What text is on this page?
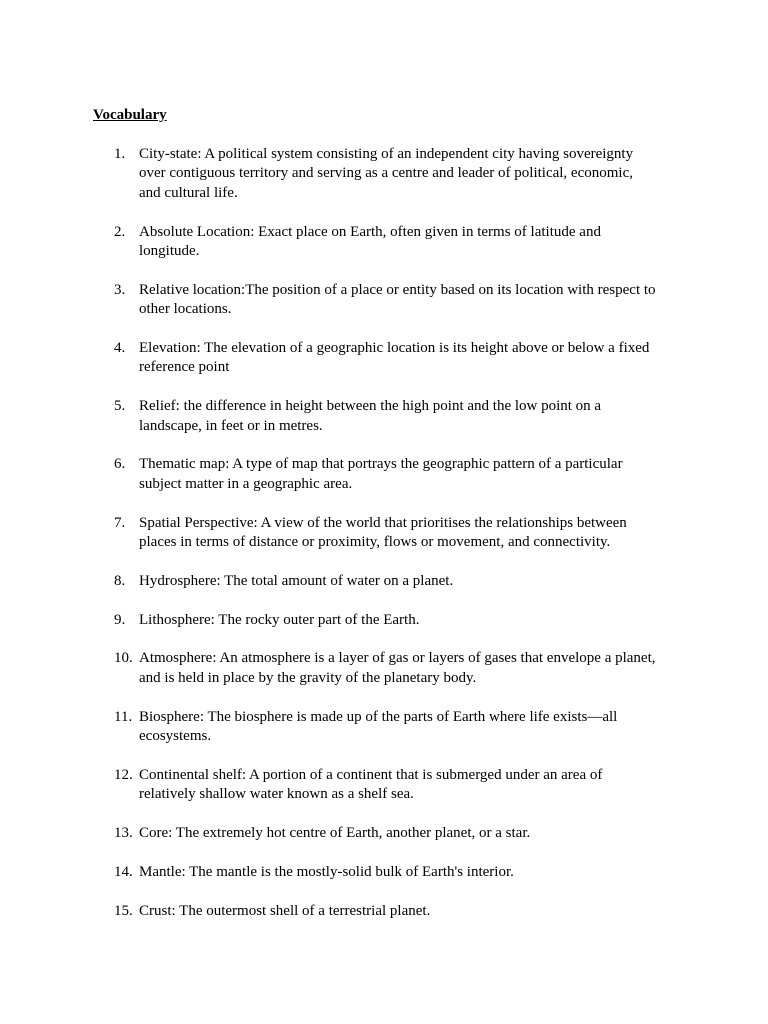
Vocabulary
1. City-state: A political system consisting of an independent city having sovereignty
over contiguous territory and serving as a centre and leader of political, economic,
and cultural life.
2. Absolute Location: Exact place on Earth, often given in terms of latitude and
longitude.
3. Relative location:The position of a place or entity based on its location with respect to
other locations.
4. Elevation: The elevation of a geographic location is its height above or below a fixed
reference point
5. Relief: the difference in height between the high point and the low point on a
landscape, in feet or in metres.
6. Thematic map: A type of map that portrays the geographic pattern of a particular
subject matter in a geographic area.
7. Spatial Perspective: A view of the world that prioritises the relationships between
places in terms of distance or proximity, flows or movement, and connectivity.
8. Hydrosphere: The total amount of water on a planet.
9. Lithosphere: The rocky outer part of the Earth.
10. Atmosphere: An atmosphere is a layer of gas or layers of gases that envelope a planet,
and is held in place by the gravity of the planetary body.
11. Biosphere: The biosphere is made up of the parts of Earth where life exists—all
ecosystems.
12. Continental shelf: A portion of a continent that is submerged under an area of
relatively shallow water known as a shelf sea.
13. Core: The extremely hot centre of Earth, another planet, or a star.
14. Mantle: The mantle is the mostly-solid bulk of Earth's interior.
15. Crust: The outermost shell of a terrestrial planet.
